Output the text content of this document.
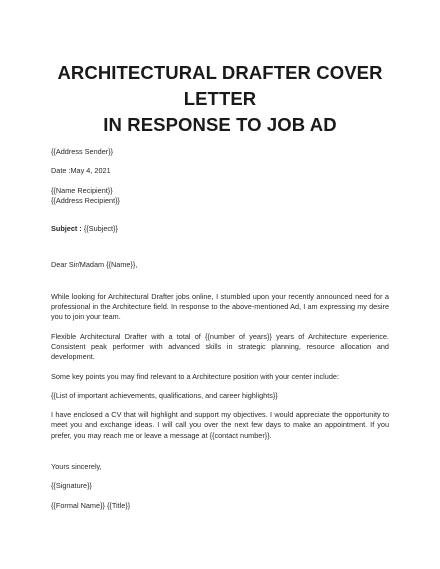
ARCHITECTURAL DRAFTER COVER LETTER
IN RESPONSE TO JOB AD

{{Address Sender}}

Date :May 4, 2021

{{Name Recipient}}

{{Address Recipient}}

Subject : {{Subject}}

Dear Sir/Madam {{Name}},

While looking for Architectural Drafter jobs online, I stumbled upon your recently announced need for a professional in the Architecture field. In response to the above-mentioned Ad, I am expressing my desire you to join your team.

Flexible Architectural Drafter with a total of {{number of years}} years of Architecture experience. Consistent peak performer with advanced skills in strategic planning, resource allocation and development.

Some key points you may find relevant to a Architecture position with your center include:

{{List of important achievements, qualifications, and career highlights}}

I have enclosed a CV that will highlight and support my objectives. I would appreciate the opportunity to meet you and exchange ideas. I will call you over the next few days to make an appointment. If you prefer, you may reach me or leave a message at {{contact number}}.

Yours sincerely,

{{Signature}}

{{Formal Name}} {{Title}}
